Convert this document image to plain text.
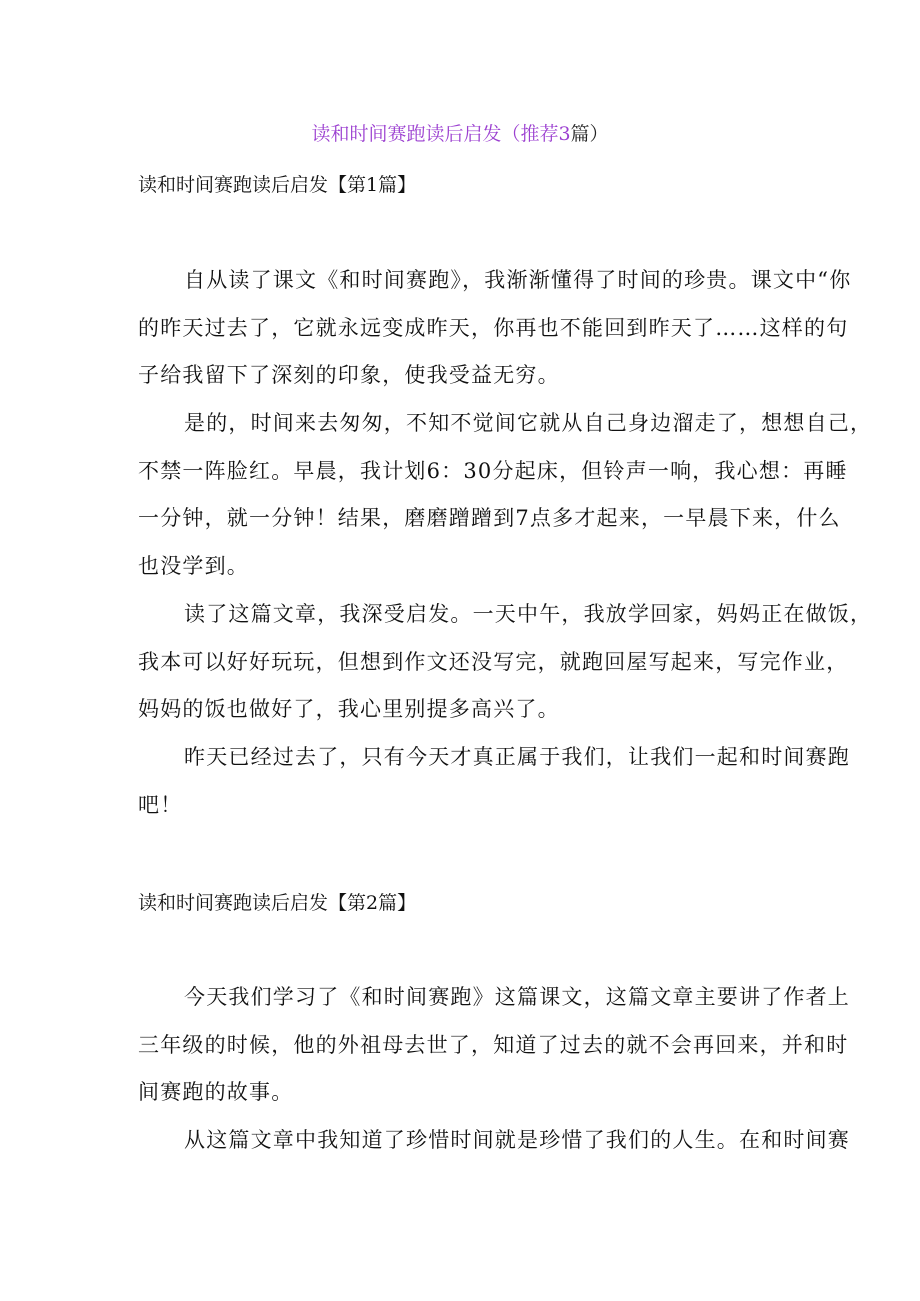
读和时间赛跑读后启发（推荐3篇）
读和时间赛跑读后启发【第1篇】
自从读了课文《和时间赛跑》，我渐渐懂得了时间的珍贵。课文中“你
的昨天过去了，它就永远变成昨天，你再也不能回到昨天了……这样的句
子给我留下了深刻的印象，使我受益无穷。
是的，时间来去匆匆，不知不觉间它就从自己身边溜走了，想想自己，
不禁一阵脸红。早晨，我计划6：30分起床，但铃声一响，我心想：再睡
一分钟，就一分钟！结果，磨磨蹭蹭到7点多才起来，一早晨下来，什么
也没学到。
读了这篇文章，我深受启发。一天中午，我放学回家，妈妈正在做饭，
我本可以好好玩玩，但想到作文还没写完，就跑回屋写起来，写完作业，
妈妈的饭也做好了，我心里别提多高兴了。
昨天已经过去了，只有今天才真正属于我们，让我们一起和时间赛跑
吧！
读和时间赛跑读后启发【第2篇】
今天我们学习了《和时间赛跑》这篇课文，这篇文章主要讲了作者上
三年级的时候，他的外祖母去世了，知道了过去的就不会再回来，并和时
间赛跑的故事。
从这篇文章中我知道了珍惜时间就是珍惜了我们的人生。在和时间赛
